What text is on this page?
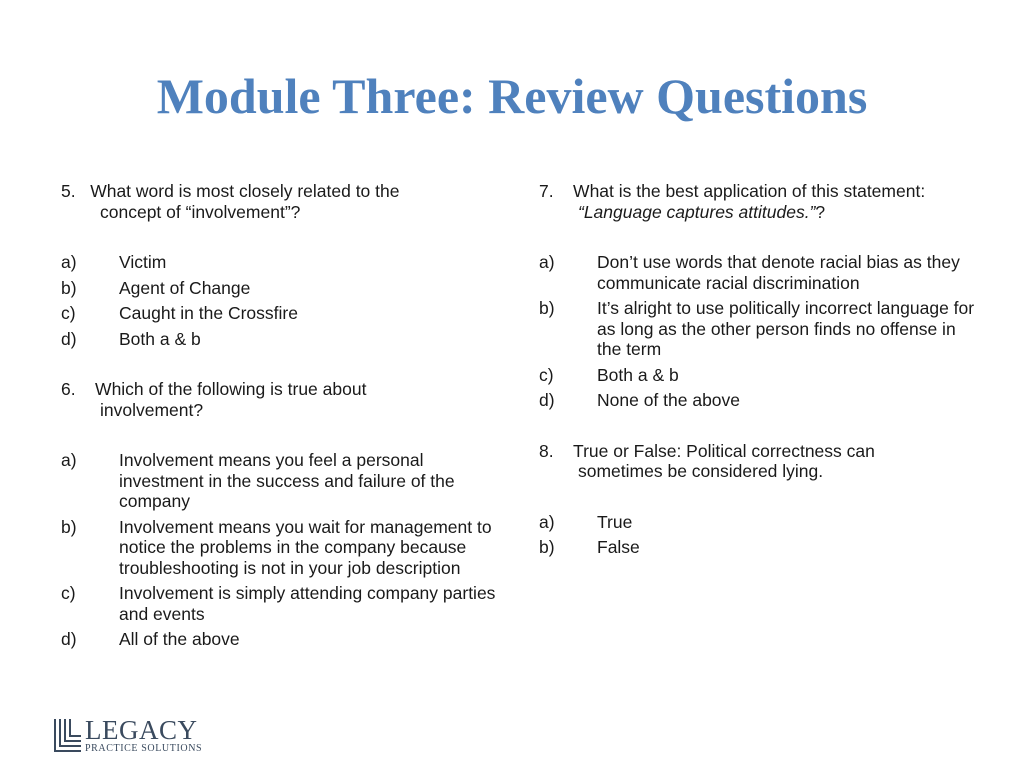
Module Three: Review Questions
5. What word is most closely related to the
concept of “involvement”?
a)	Victim
b)	Agent of Change
c)	Caught in the Crossfire
d)	Both a & b
6. Which of the following is true about
involvement?
a)	Involvement means you feel a personal investment in the success and failure of the company
b)	Involvement means you wait for management to notice the problems in the company because troubleshooting is not in your job description
c)	Involvement is simply attending company parties and events
d)	All of the above
7. What is the best application of this statement:
“Language captures attitudes.”?
a)	Don’t use words that denote racial bias as they communicate racial discrimination
b)	It’s alright to use politically incorrect language for as long as the other person finds no offense in the term
c)	Both a & b
d)	None of the above
8. True or False: Political correctness can
sometimes be considered lying.
a)	True
b)	False
LEGACY
PRACTICE SOLUTIONS
